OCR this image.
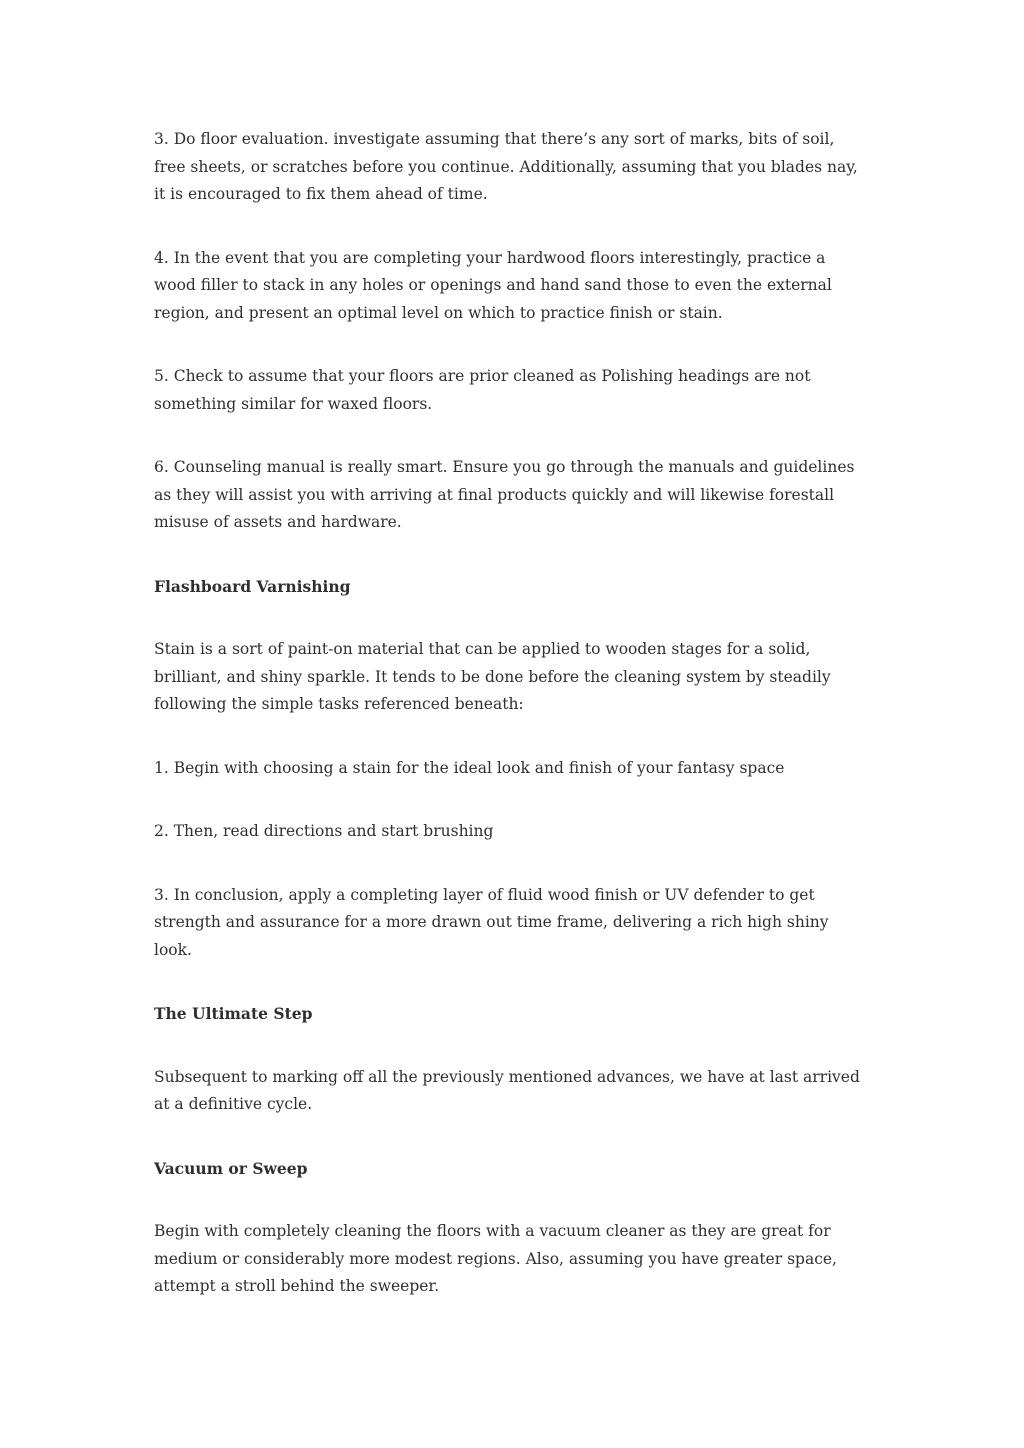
3. Do floor evaluation. investigate assuming that there’s any sort of marks, bits of soil, free sheets, or scratches before you continue. Additionally, assuming that you blades nay, it is encouraged to fix them ahead of time.

4. In the event that you are completing your hardwood floors interestingly, practice a wood filler to stack in any holes or openings and hand sand those to even the external region, and present an optimal level on which to practice finish or stain.

5. Check to assume that your floors are prior cleaned as Polishing headings are not something similar for waxed floors.

6. Counseling manual is really smart. Ensure you go through the manuals and guidelines as they will assist you with arriving at final products quickly and will likewise forestall misuse of assets and hardware.

Flashboard Varnishing

Stain is a sort of paint-on material that can be applied to wooden stages for a solid, brilliant, and shiny sparkle. It tends to be done before the cleaning system by steadily following the simple tasks referenced beneath:

1. Begin with choosing a stain for the ideal look and finish of your fantasy space

2. Then, read directions and start brushing

3. In conclusion, apply a completing layer of fluid wood finish or UV defender to get strength and assurance for a more drawn out time frame, delivering a rich high shiny look.

The Ultimate Step

Subsequent to marking off all the previously mentioned advances, we have at last arrived at a definitive cycle.

Vacuum or Sweep

Begin with completely cleaning the floors with a vacuum cleaner as they are great for medium or considerably more modest regions. Also, assuming you have greater space, attempt a stroll behind the sweeper.
